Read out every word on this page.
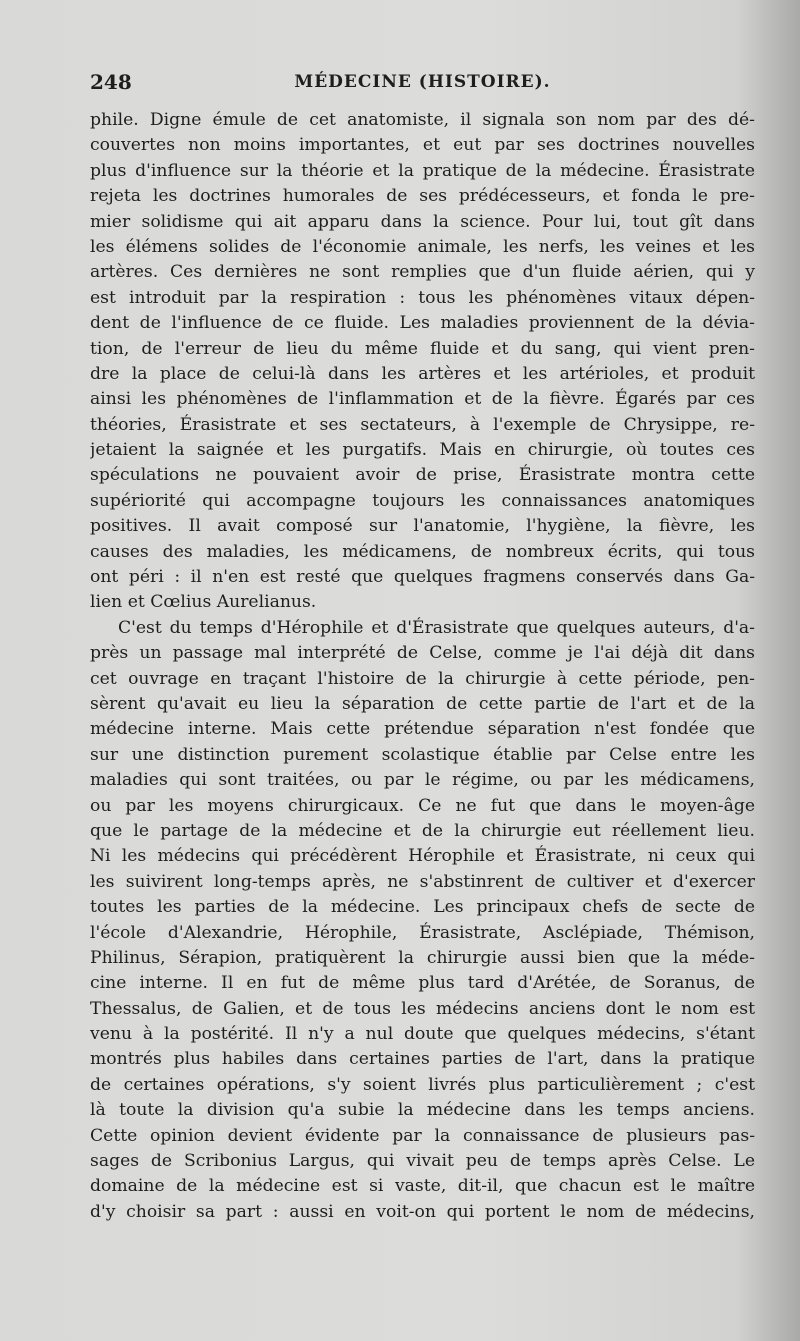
248	MÉDECINE (HISTOIRE).
phile. Digne émule de cet anatomiste, il signala son nom par des dé-
couvertes non moins importantes, et eut par ses doctrines nouvelles
plus d'influence sur la théorie et la pratique de la médecine. Érasistrate
rejeta les doctrines humorales de ses prédécesseurs, et fonda le pre-
mier solidisme qui ait apparu dans la science. Pour lui, tout gît dans
les élémens solides de l'économie animale, les nerfs, les veines et les
artères. Ces dernières ne sont remplies que d'un fluide aérien, qui y
est introduit par la respiration : tous les phénomènes vitaux dépen-
dent de l'influence de ce fluide. Les maladies proviennent de la dévia-
tion, de l'erreur de lieu du même fluide et du sang, qui vient pren-
dre la place de celui-là dans les artères et les artérioles, et produit
ainsi les phénomènes de l'inflammation et de la fièvre. Égarés par ces
théories, Érasistrate et ses sectateurs, à l'exemple de Chrysippe, re-
jetaient la saignée et les purgatifs. Mais en chirurgie, où toutes ces
spéculations ne pouvaient avoir de prise, Érasistrate montra cette
supériorité qui accompagne toujours les connaissances anatomiques
positives. Il avait composé sur l'anatomie, l'hygiène, la fièvre, les
causes des maladies, les médicamens, de nombreux écrits, qui tous
ont péri : il n'en est resté que quelques fragmens conservés dans Ga-
lien et Cœlius Aurelianus.
C'est du temps d'Hérophile et d'Érasistrate que quelques auteurs, d'a-
près un passage mal interprété de Celse, comme je l'ai déjà dit dans
cet ouvrage en traçant l'histoire de la chirurgie à cette période, pen-
sèrent qu'avait eu lieu la séparation de cette partie de l'art et de la
médecine interne. Mais cette prétendue séparation n'est fondée que
sur une distinction purement scolastique établie par Celse entre les
maladies qui sont traitées, ou par le régime, ou par les médicamens,
ou par les moyens chirurgicaux. Ce ne fut que dans le moyen-âge
que le partage de la médecine et de la chirurgie eut réellement lieu.
Ni les médecins qui précédèrent Hérophile et Érasistrate, ni ceux qui
les suivirent long-temps après, ne s'abstinrent de cultiver et d'exercer
toutes les parties de la médecine. Les principaux chefs de secte de
l'école d'Alexandrie, Hérophile, Érasistrate, Asclépiade, Thémison,
Philinus, Sérapion, pratiquèrent la chirurgie aussi bien que la méde-
cine interne. Il en fut de même plus tard d'Arétée, de Soranus, de
Thessalus, de Galien, et de tous les médecins anciens dont le nom est
venu à la postérité. Il n'y a nul doute que quelques médecins, s'étant
montrés plus habiles dans certaines parties de l'art, dans la pratique
de certaines opérations, s'y soient livrés plus particulièrement ; c'est
là toute la division qu'a subie la médecine dans les temps anciens.
Cette opinion devient évidente par la connaissance de plusieurs pas-
sages de Scribonius Largus, qui vivait peu de temps après Celse. Le
domaine de la médecine est si vaste, dit-il, que chacun est le maître
d'y choisir sa part : aussi en voit-on qui portent le nom de médecins,
